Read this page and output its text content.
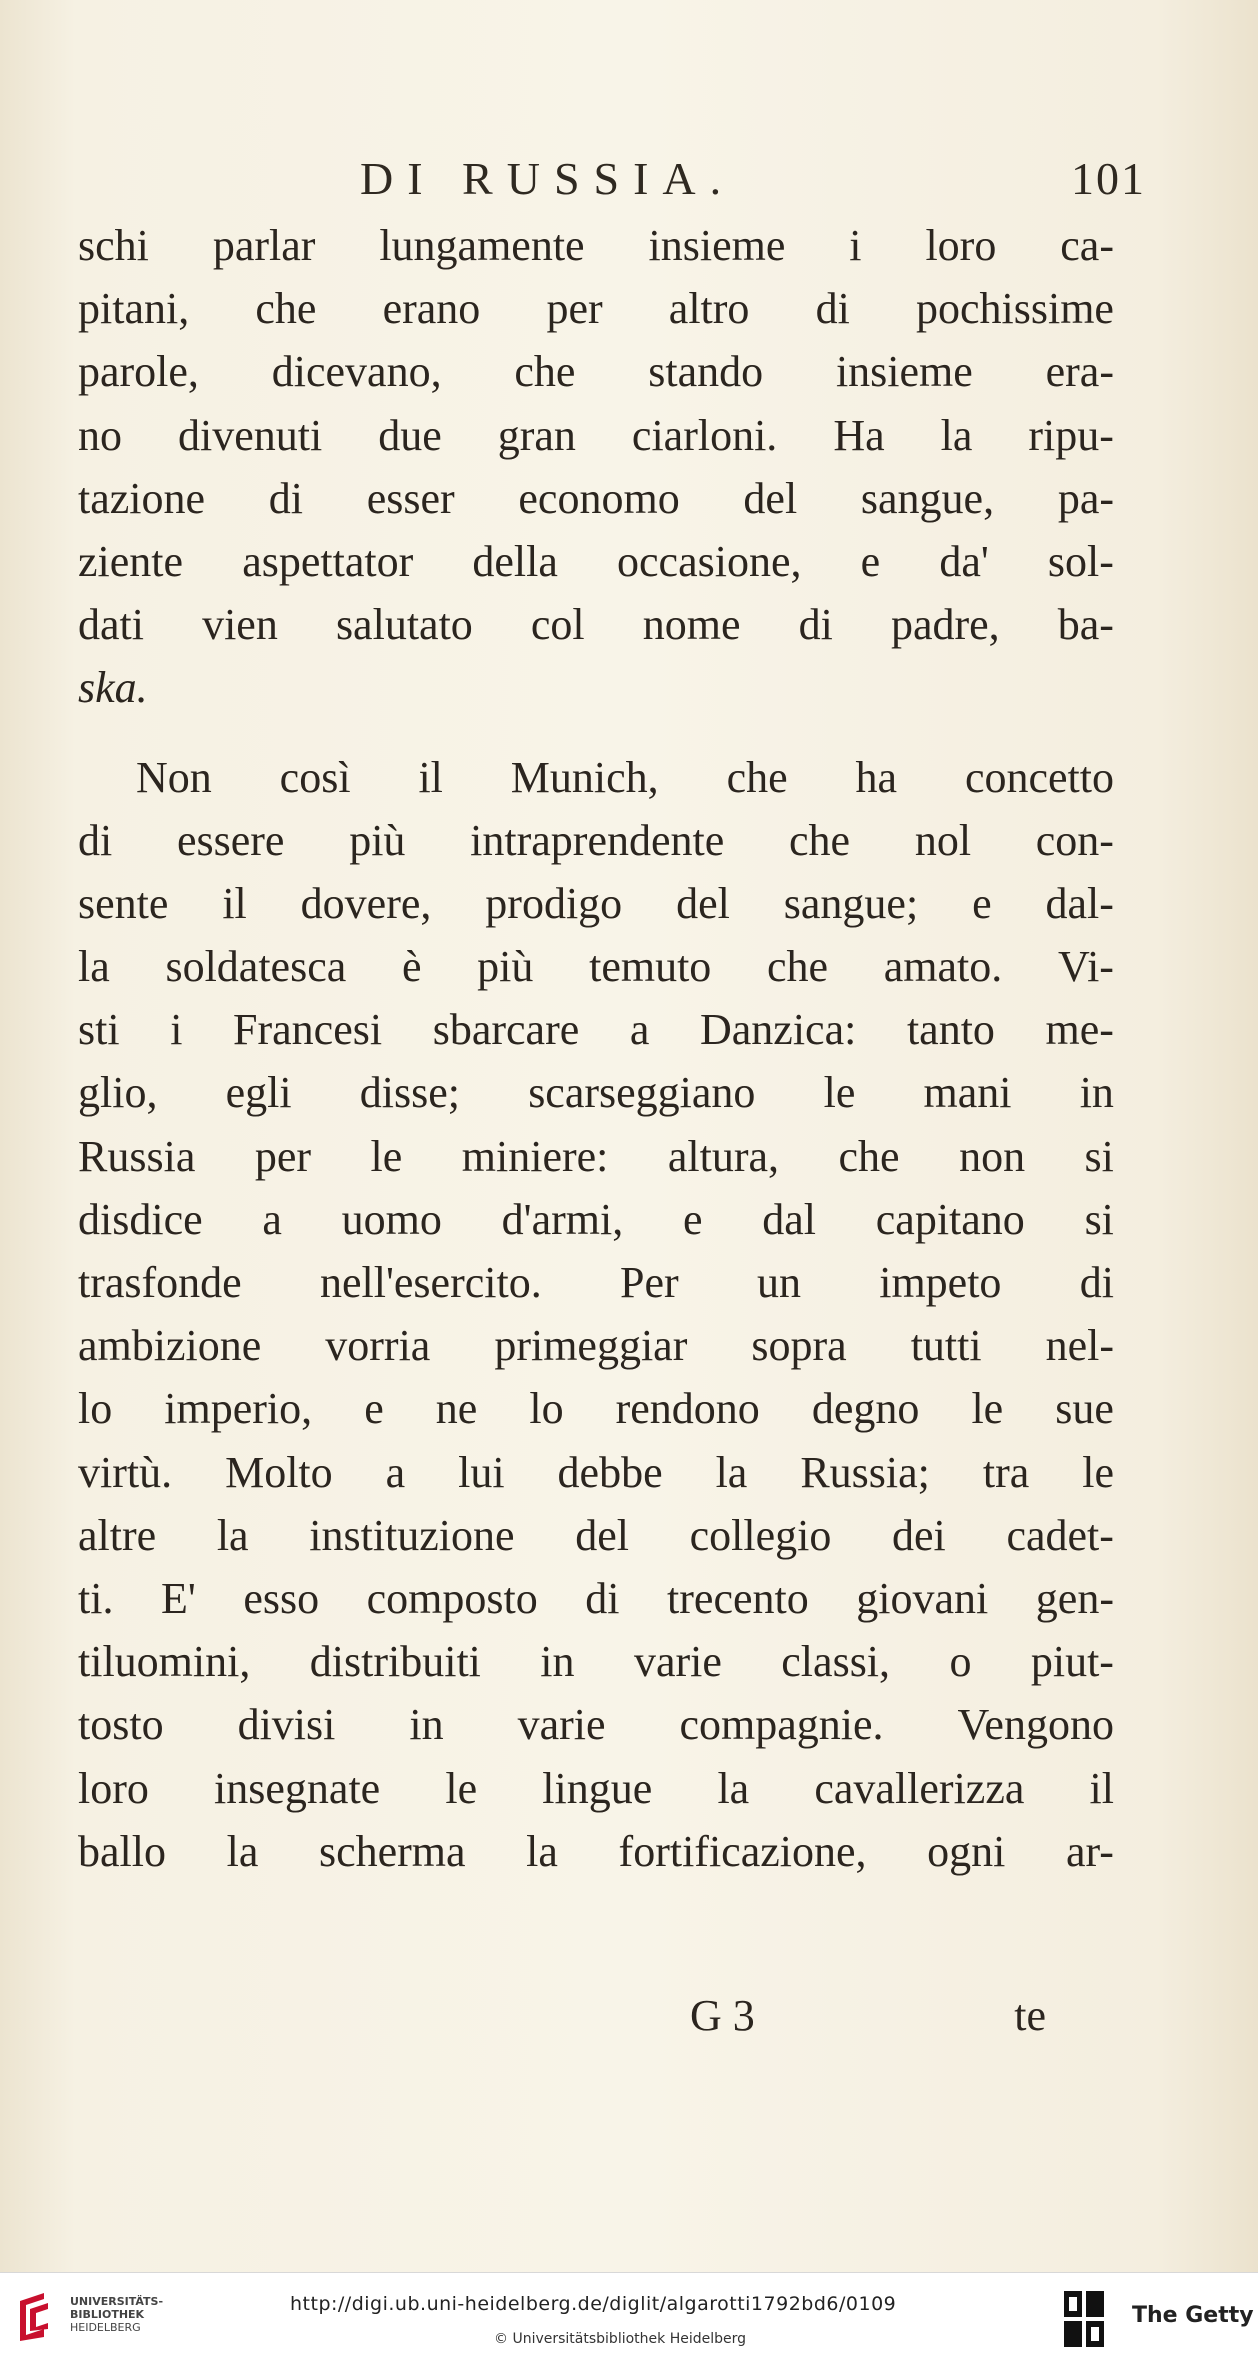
DI RUSSIA.	101
schi parlar lungamente insieme i loro ca-
pitani, che erano per altro di pochissime
parole, dicevano, che stando insieme era-
no divenuti due gran ciarloni. Ha la ripu-
tazione di esser economo del sangue, pa-
ziente aspettator della occasione, e da' sol-
dati vien salutato col nome di padre, ba-
ska.
Non così il Munich, che ha concetto
di essere più intraprendente che nol con-
sente il dovere, prodigo del sangue; e dal-
la soldatesca è più temuto che amato. Vi-
sti i Francesi sbarcare a Danzica: tanto me-
glio, egli disse; scarseggiano le mani in
Russia per le miniere: altura, che non si
disdice a uomo d'armi, e dal capitano si
trasfonde nell'esercito. Per un impeto di
ambizione vorria primeggiar sopra tutti nel-
lo imperio, e ne lo rendono degno le sue
virtù. Molto a lui debbe la Russia; tra le
altre la instituzione del collegio dei cadet-
ti. E' esso composto di trecento giovani gen-
tiluomini, distribuiti in varie classi, o piut-
tosto divisi in varie compagnie. Vengono
loro insegnate le lingue la cavallerizza il
ballo la scherma la fortificazione, ogni ar-
G 3	te
UNIVERSITÄTS-
BIBLIOTHEK
HEIDELBERG
http://digi.ub.uni-heidelberg.de/diglit/algarotti1792bd6/0109
© Universitätsbibliothek Heidelberg
The Getty
